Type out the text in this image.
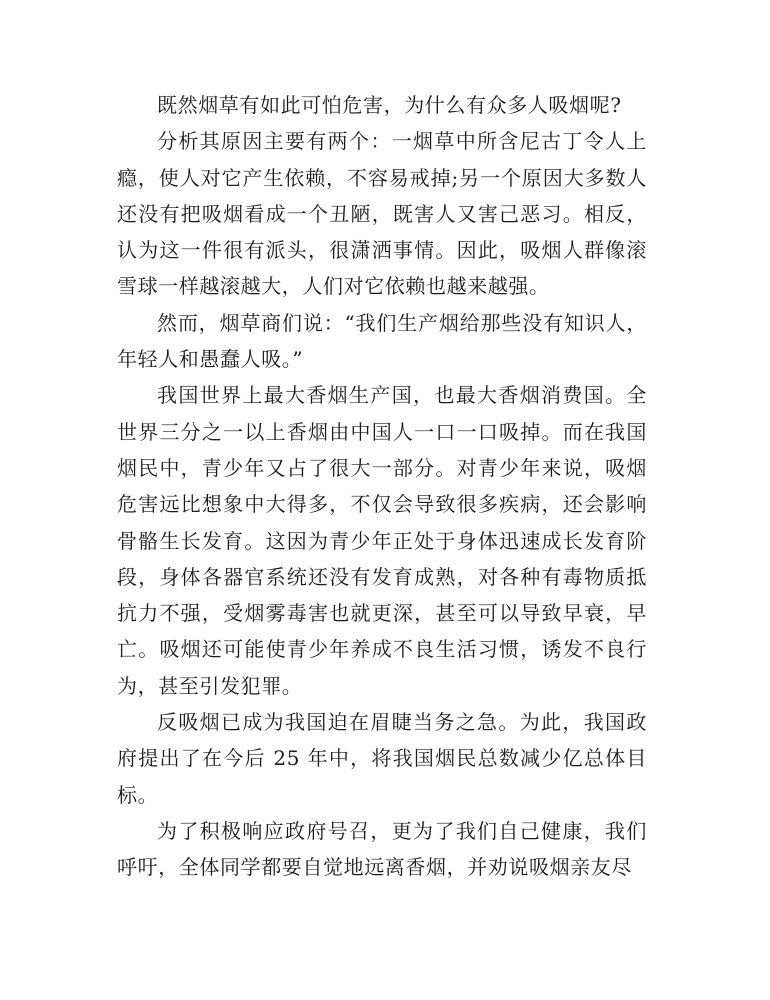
既然烟草有如此可怕危害，为什么有众多人吸烟呢?

分析其原因主要有两个：一烟草中所含尼古丁令人上瘾，使人对它产生依赖，不容易戒掉;另一个原因大多数人还没有把吸烟看成一个丑陋，既害人又害己恶习。相反，认为这一件很有派头，很潇洒事情。因此，吸烟人群像滚雪球一样越滚越大，人们对它依赖也越来越强。

然而，烟草商们说：“我们生产烟给那些没有知识人，年轻人和愚蠢人吸。”

我国世界上最大香烟生产国，也最大香烟消费国。全世界三分之一以上香烟由中国人一口一口吸掉。而在我国烟民中，青少年又占了很大一部分。对青少年来说，吸烟危害远比想象中大得多，不仅会导致很多疾病，还会影响骨骼生长发育。这因为青少年正处于身体迅速成长发育阶段，身体各器官系统还没有发育成熟，对各种有毒物质抵抗力不强，受烟雾毒害也就更深，甚至可以导致早衰，早亡。吸烟还可能使青少年养成不良生活习惯，诱发不良行为，甚至引发犯罪。

反吸烟已成为我国迫在眉睫当务之急。为此，我国政府提出了在今后 25 年中，将我国烟民总数减少亿总体目标。

为了积极响应政府号召，更为了我们自己健康，我们呼吁，全体同学都要自觉地远离香烟，并劝说吸烟亲友尽
